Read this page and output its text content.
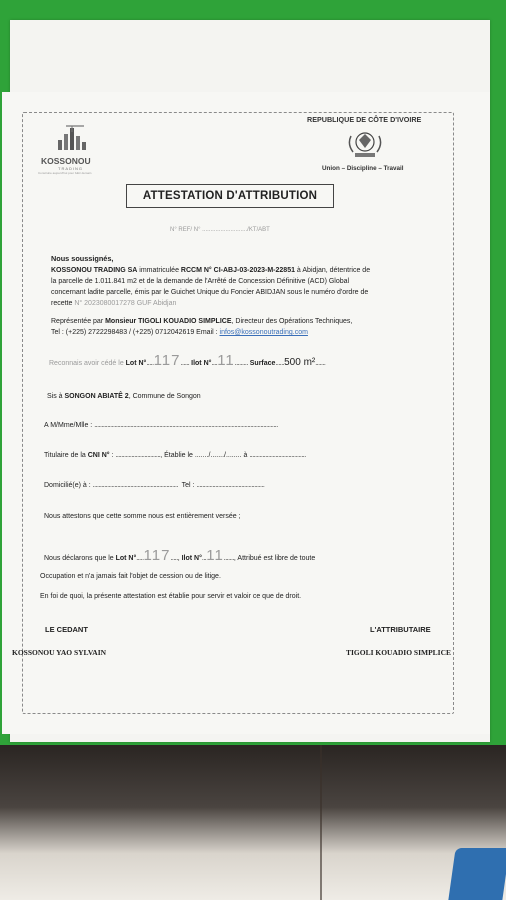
KOSSONOU
TRADING
Construire aujourd'hui pour bâtir demain
REPUBLIQUE DE CÔTE D'IVOIRE
Union – Discipline – Travail
ATTESTATION D'ATTRIBUTION
N° REF/ N° .........................../KT/ABT
Nous soussignés,
KOSSONOU TRADING SA immatriculée RCCM N° CI-ABJ-03-2023-M-22851 à Abidjan, détentrice de
la parcelle de 1.011.841 m2 et de la demande de l'Arrêté de Concession Définitive (ACD) Global
concernant ladite parcelle, émis par le Guichet Unique du Foncier ABIDJAN sous le numéro d'ordre de
recette N° 2023080017278 GUF Abidjan
Représentée par Monsieur TIGOLI KOUADIO SIMPLICE, Directeur des Opérations Techniques,
Tel : (+225) 2722298483 / (+225) 0712042619 Email : infos@kossonoutrading.com
Reconnais avoir cédé le Lot N°.....117...... Ilot N°....11......... Surface......500 m².......
Sis à SONGON ABIATÊ 2, Commune de Songon
A M/Mme/Mlle : ...............................................................................................................................
Titulaire de la CNI N° : ..............................., Établie le ......./......./........ à .......................................
Domicilié(e) à : ........................................................... Tel : ...............................................
Nous attestons que cette somme nous est entièrement versée ;
Nous déclarons que le Lot N°.....117....., Ilot N°...11......., Attribué est libre de toute
Occupation et n'a jamais fait l'objet de cession ou de litige.
En foi de quoi, la présente attestation est établie pour servir et valoir ce que de droit.
LE CEDANT	L'ATTRIBUTAIRE
KOSSONOU YAO SYLVAIN	TIGOLI KOUADIO SIMPLICE
